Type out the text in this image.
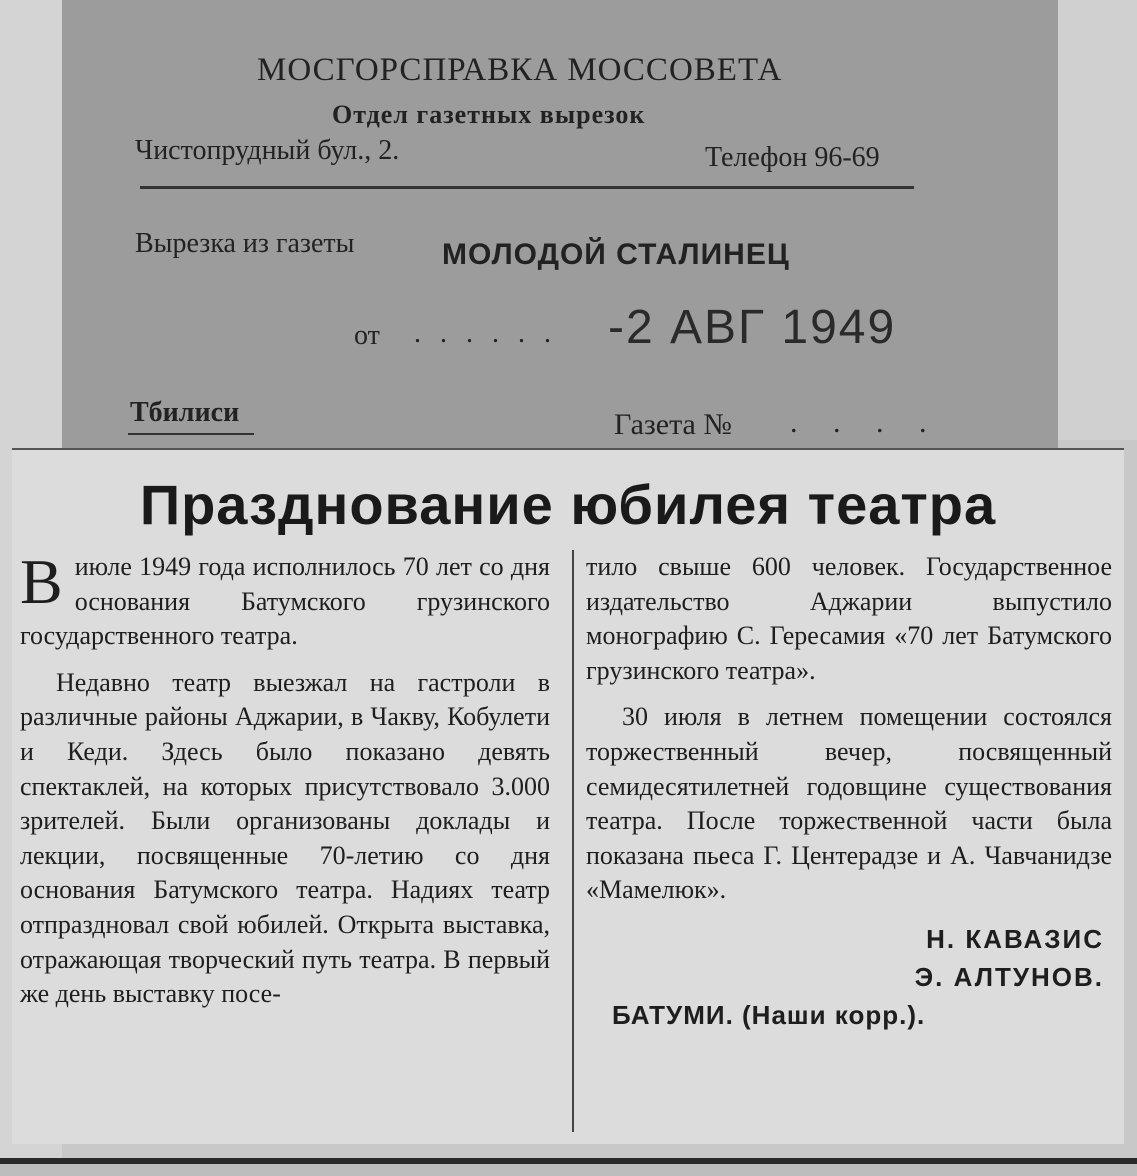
МОСГОРСПРАВКА МОССОВЕТА
Отдел газетных вырезок
Чистопрудный бул., 2.	Телефон 96-69
Вырезка из газеты	МОЛОДОЙ СТАЛИНЕЦ
от . . . . . . -2 АВГ 1949
Тбилиси	Газета № . . . .
Празднование юбилея театра
В июле 1949 года исполнилось 70 лет со дня основания Батумского грузинского государственного театра.

Недавно театр выезжал на гастроли в различные районы Аджарии, в Чакву, Кобулети и Кеди. Здесь было показано девять спектаклей, на которых присутствовало 3.000 зрителей. Были организованы доклады и лекции, посвященные 70-летию со дня основания Батумского театра. Надиях театр отпраздновал свой юбилей. Открыта выставка, отражающая творческий путь театра. В первый же день выставку посе-

тило свыше 600 человек. Государственное издательство Аджарии выпустило монографию С. Гересамия «70 лет Батумского грузинского театра».

30 июля в летнем помещении состоялся торжественный вечер, посвященный семидесятилетней годовщине существования театра. После торжественной части была показана пьеса Г. Центерадзе и А. Чавчанидзе «Мамелюк».

Н. КАВАЗИС
Э. АЛТУНОВ.
БАТУМИ. (Наши корр.).
